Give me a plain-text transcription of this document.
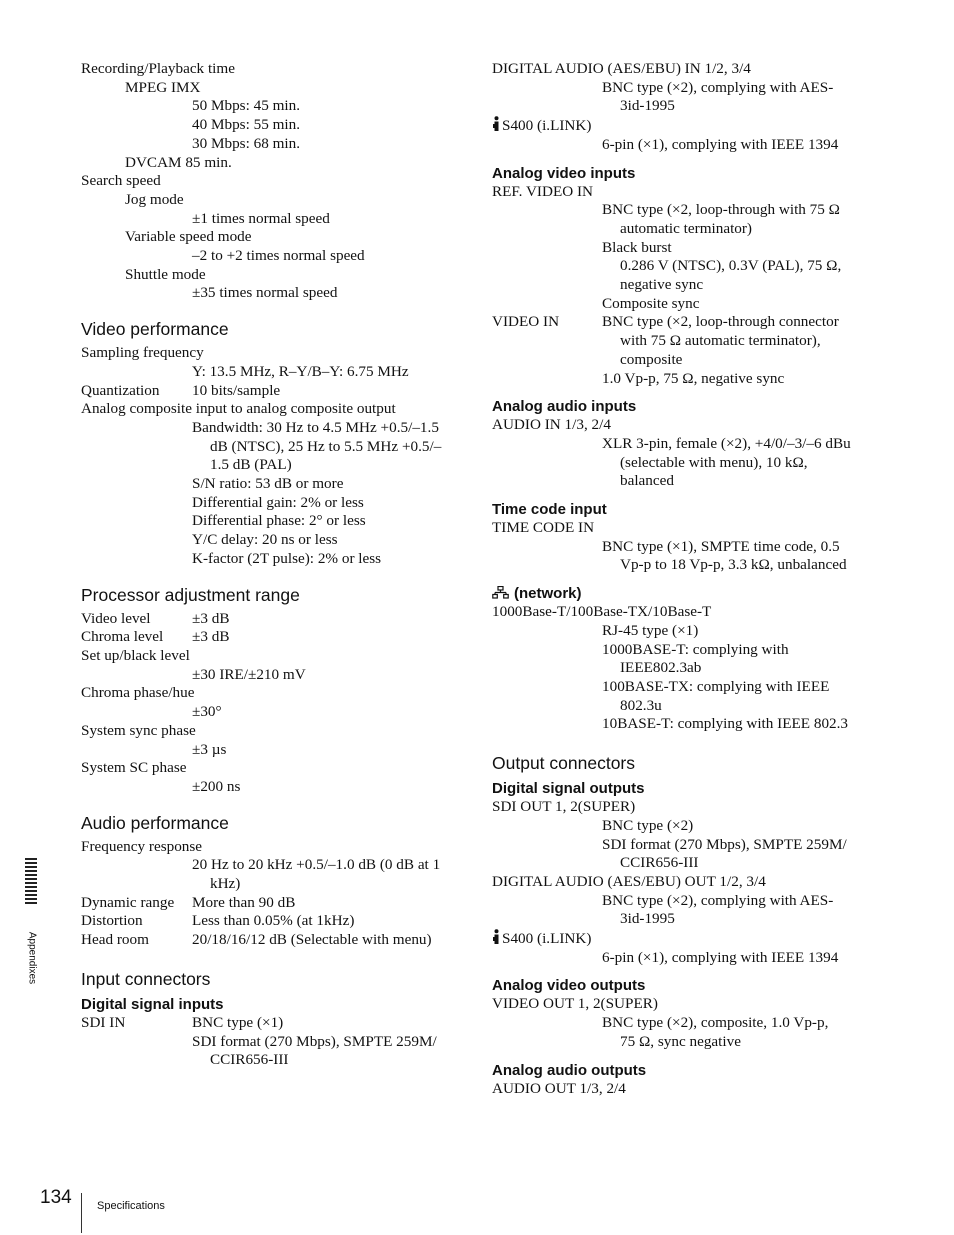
Recording/Playback time
MPEG IMX
50 Mbps: 45 min.
40 Mbps: 55 min.
30 Mbps: 68 min.
DVCAM 85 min.
Search speed
Jog mode
±1 times normal speed
Variable speed mode
–2 to +2 times normal speed
Shuttle mode
±35 times normal speed
Video performance
Sampling frequency
Y: 13.5 MHz, R–Y/B–Y: 6.75 MHz
Quantization 10 bits/sample
Analog composite input to analog composite output
Bandwidth: 30 Hz to 4.5 MHz +0.5/–1.5
dB (NTSC), 25 Hz to 5.5 MHz +0.5/–
1.5 dB (PAL)
S/N ratio: 53 dB or more
Differential gain: 2% or less
Differential phase: 2° or less
Y/C delay: 20 ns or less
K-factor (2T pulse): 2% or less
Processor adjustment range
Video level	±3 dB
Chroma level ±3 dB
Set up/black level
±30 IRE/±210 mV
Chroma phase/hue
±30°
System sync phase
±3 µs
System SC phase
±200 ns
Audio performance
Frequency response
20 Hz to 20 kHz +0.5/–1.0 dB (0 dB at 1
kHz)
Dynamic range More than 90 dB
Distortion	Less than 0.05% (at 1kHz)
Head room	20/18/16/12 dB (Selectable with menu)
Input connectors
Digital signal inputs
SDI IN	BNC type (×1)
SDI format (270 Mbps), SMPTE 259M/
CCIR656-III
DIGITAL AUDIO (AES/EBU) IN 1/2, 3/4
BNC type (×2), complying with AES-
3id-1995
S400 (i.LINK)
6-pin (×1), complying with IEEE 1394
Analog video inputs
REF. VIDEO IN
BNC type (×2, loop-through with 75 Ω
automatic terminator)
Black burst
0.286 V (NTSC), 0.3V (PAL), 75 Ω,
negative sync
Composite sync
VIDEO IN	BNC type (×2, loop-through connector
with 75 Ω automatic terminator),
composite
1.0 Vp-p, 75 Ω, negative sync
Analog audio inputs
AUDIO IN 1/3, 2/4
XLR 3-pin, female (×2), +4/0/–3/–6 dBu
(selectable with menu), 10 kΩ,
balanced
Time code input
TIME CODE IN
BNC type (×1), SMPTE time code, 0.5
Vp-p to 18 Vp-p, 3.3 kΩ, unbalanced
(network)
1000Base-T/100Base-TX/10Base-T
RJ-45 type (×1)
1000BASE-T: complying with
IEEE802.3ab
100BASE-TX: complying with IEEE
802.3u
10BASE-T: complying with IEEE 802.3
Output connectors
Digital signal outputs
SDI OUT 1, 2(SUPER)
BNC type (×2)
SDI format (270 Mbps), SMPTE 259M/
CCIR656-III
DIGITAL AUDIO (AES/EBU) OUT 1/2, 3/4
BNC type (×2), complying with AES-
3id-1995
S400 (i.LINK)
6-pin (×1), complying with IEEE 1394
Analog video outputs
VIDEO OUT 1, 2(SUPER)
BNC type (×2), composite, 1.0 Vp-p,
75 Ω, sync negative
Analog audio outputs
AUDIO OUT 1/3, 2/4
Appendixes
134 Specifications
